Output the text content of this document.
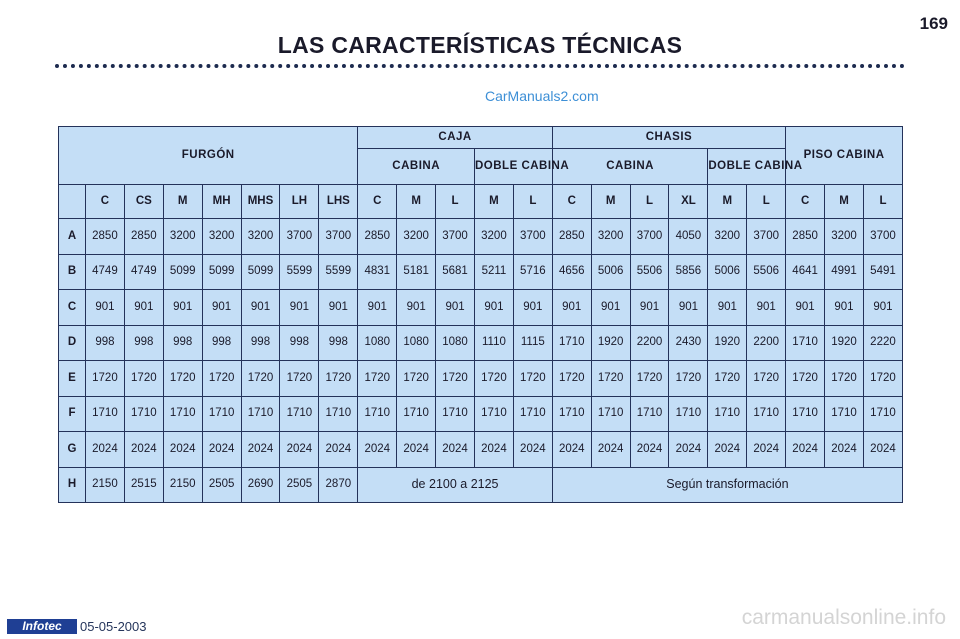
169
LAS CARACTERÍSTICAS TÉCNICAS
CarManuals2.com
FURGÓN								CAJA					CHASIS						PISO CABINA		
								CABINA			DOBLE CABINA		CABINA				DOBLE CABINA				
	C	CS	M	MH	MHS	LH	LHS	C	M	L	M	L	C	M	L	XL	M	L	C	M	L
A	2850	2850	3200	3200	3200	3700	3700	2850	3200	3700	3200	3700	2850	3200	3700	4050	3200	3700	2850	3200	3700
B	4749	4749	5099	5099	5099	5599	5599	4831	5181	5681	5211	5716	4656	5006	5506	5856	5006	5506	4641	4991	5491
C	901	901	901	901	901	901	901	901	901	901	901	901	901	901	901	901	901	901	901	901	901
D	998	998	998	998	998	998	998	1080	1080	1080	1110	1115	1710	1920	2200	2430	1920	2200	1710	1920	2220
E	1720	1720	1720	1720	1720	1720	1720	1720	1720	1720	1720	1720	1720	1720	1720	1720	1720	1720	1720	1720	1720
F	1710	1710	1710	1710	1710	1710	1710	1710	1710	1710	1710	1710	1710	1710	1710	1710	1710	1710	1710	1710	1710
G	2024	2024	2024	2024	2024	2024	2024	2024	2024	2024	2024	2024	2024	2024	2024	2024	2024	2024	2024	2024	2024
H	2150	2515	2150	2505	2690	2505	2870	de 2100 a 2125					Según transformación								
Infotec	05-05-2003	carmanualsonline.info
